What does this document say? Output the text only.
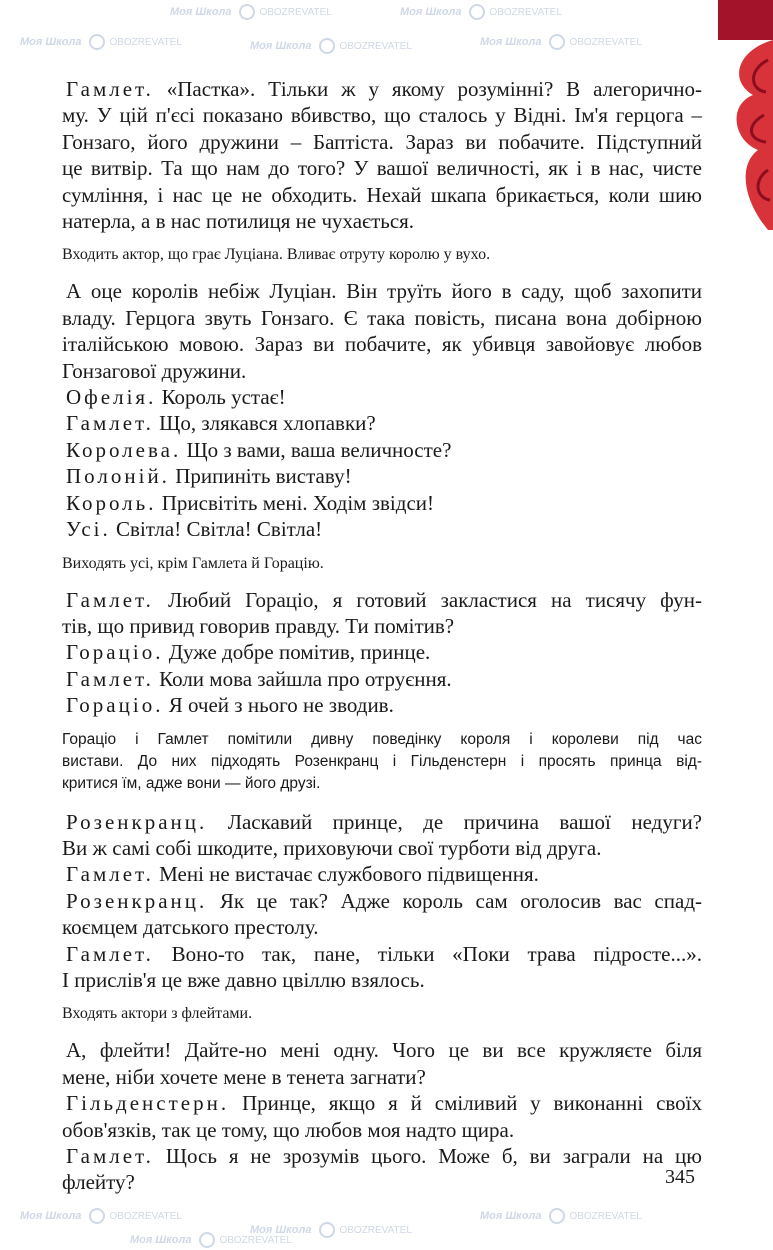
Моя Школа	OBOZREVATEL	Моя Школа	OBOZREVATEL
Моя Школа	OBOZREVATEL	Моя Школа	OBOZREVATEL	Моя Школа	OBOZREVATEL
Моя Школа	OBOZREVATEL
Моя Школа	OBOZREVATEL
Моя Школа	OBOZREVATEL
Моя Школа	OBOZREVATEL
Гамлет. «Пастка». Тільки ж у якому розумінні? В алегорично-
му. У цій п'єсі показано вбивство, що сталось у Відні. Ім'я герцога –
Гонзаго, його дружини – Баптіста. Зараз ви побачите. Підступний
це витвір. Та що нам до того? У вашої величності, як і в нас, чисте
сумління, і нас це не обходить. Нехай шкапа брикається, коли шию
натерла, а в нас потилиця не чухається.
Входить актор, що грає Луціана. Вливає отруту королю у вухо.
А оце королів небіж Луціан. Він труїть його в саду, щоб захопити
владу. Герцога звуть Гонзаго. Є така повість, писана вона добірною
італійською мовою. Зараз ви побачите, як убивця завойовує любов
Гонзагової дружини.
Офелія. Король устає!
Гамлет. Що, злякався хлопавки?
Королева. Що з вами, ваша величносте?
Полоній. Припиніть виставу!
Король. Присвітіть мені. Ходім звідси!
Усі. Світла! Світла! Світла!
Виходять усі, крім Гамлета й Горацію.
Гамлет. Любий Гораціо, я готовий закластися на тисячу фун-
тів, що привид говорив правду. Ти помітив?
Гораціо. Дуже добре помітив, принце.
Гамлет. Коли мова зайшла про отруєння.
Гораціо. Я очей з нього не зводив.
Гораціо і Гамлет помітили дивну поведінку короля і королеви під час
вистави. До них підходять Розенкранц і Гільденстерн і просять принца від-
критися їм, адже вони — його друзі.
Розенкранц. Ласкавий принце, де причина вашої недуги?
Ви ж самі собі шкодите, приховуючи свої турботи від друга.
Гамлет. Мені не вистачає службового підвищення.
Розенкранц. Як це так? Адже король сам оголосив вас спад-
коємцем датського престолу.
Гамлет. Воно-то так, пане, тільки «Поки трава підросте...».
І прислів'я це вже давно цвіллю взялось.
Входять актори з флейтами.
А, флейти! Дайте-но мені одну. Чого це ви все кружляєте біля
мене, ніби хочете мене в тенета загнати?
Гільденстерн. Принце, якщо я й сміливий у виконанні своїх
обов'язків, так це тому, що любов моя надто щира.
Гамлет. Щось я не зрозумів цього. Може б, ви заграли на цю
флейту?	345
